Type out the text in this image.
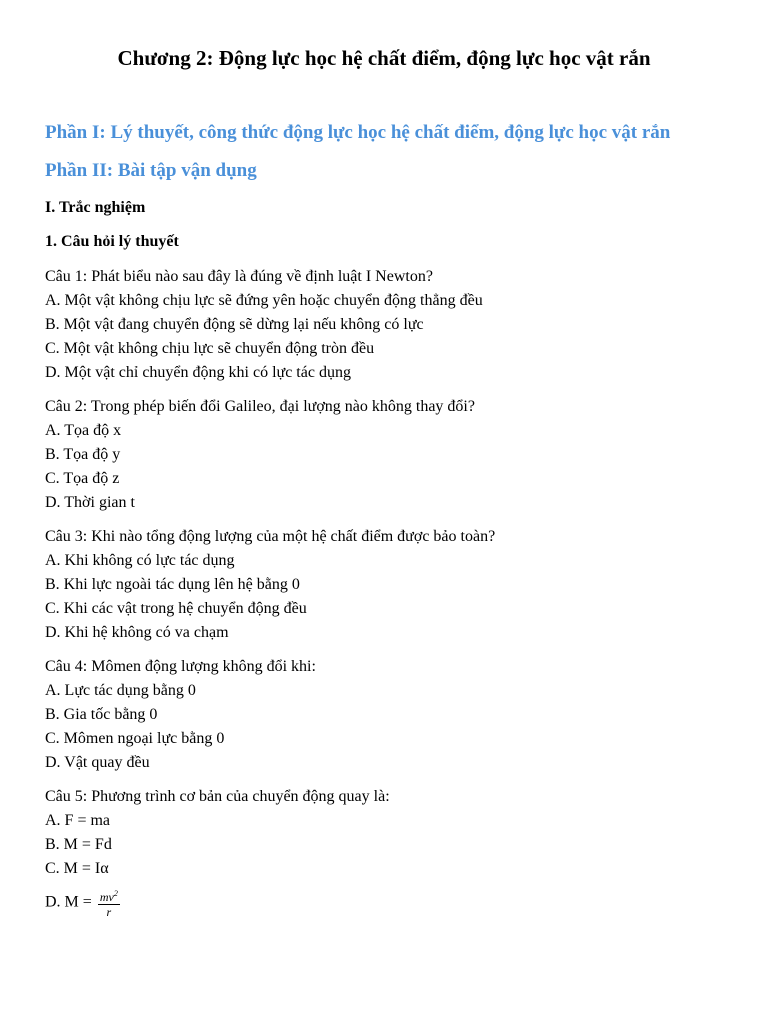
Chương 2: Động lực học hệ chất điểm, động lực học vật rắn
Phần I: Lý thuyết, công thức động lực học hệ chất điểm, động lực học vật rắn
Phần II: Bài tập vận dụng
I. Trắc nghiệm
1. Câu hỏi lý thuyết
Câu 1: Phát biểu nào sau đây là đúng về định luật I Newton?
A. Một vật không chịu lực sẽ đứng yên hoặc chuyển động thẳng đều
B. Một vật đang chuyển động sẽ dừng lại nếu không có lực
C. Một vật không chịu lực sẽ chuyển động tròn đều
D. Một vật chỉ chuyển động khi có lực tác dụng
Câu 2: Trong phép biến đổi Galileo, đại lượng nào không thay đổi?
A. Tọa độ x
B. Tọa độ y
C. Tọa độ z
D. Thời gian t
Câu 3: Khi nào tổng động lượng của một hệ chất điểm được bảo toàn?
A. Khi không có lực tác dụng
B. Khi lực ngoài tác dụng lên hệ bằng 0
C. Khi các vật trong hệ chuyển động đều
D. Khi hệ không có va chạm
Câu 4: Mômen động lượng không đổi khi:
A. Lực tác dụng bằng 0
B. Gia tốc bằng 0
C. Mômen ngoại lực bằng 0
D. Vật quay đều
Câu 5: Phương trình cơ bản của chuyển động quay là:
A. F = ma
B. M = Fd
C. M = Iα
D. $M = \frac{mv^2}{r}$
